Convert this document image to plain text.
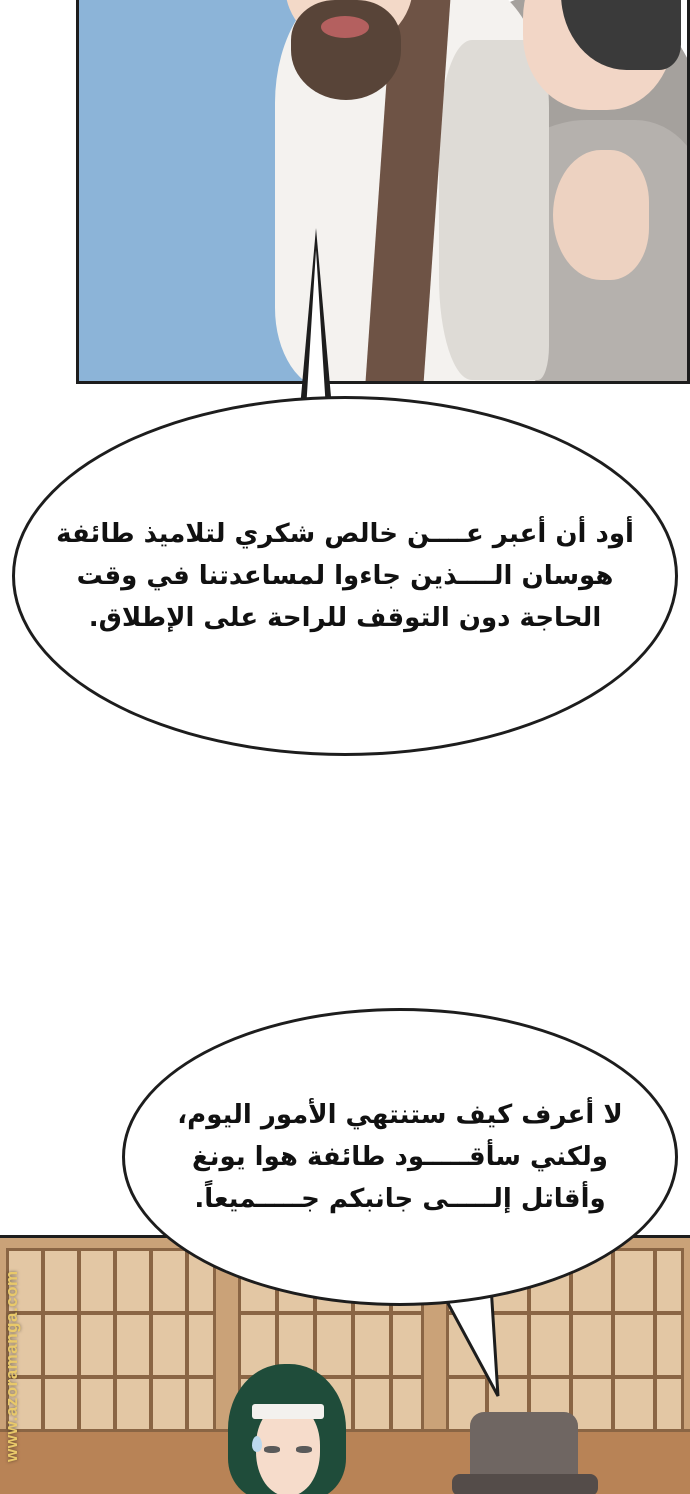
أود أن أعبر عــــن خالص شكري لتلاميذ طائفة هوسان الــــذين جاءوا لمساعدتنا في وقت الحاجة دون التوقف للراحة على الإطلاق.
لا أعرف كيف ستنتهي الأمور اليوم، ولكني سأقـــــود طائفة هوا يونغ وأقاتل إلـــــى جانبكم جـــــميعاً.
www.azoramanga.com
